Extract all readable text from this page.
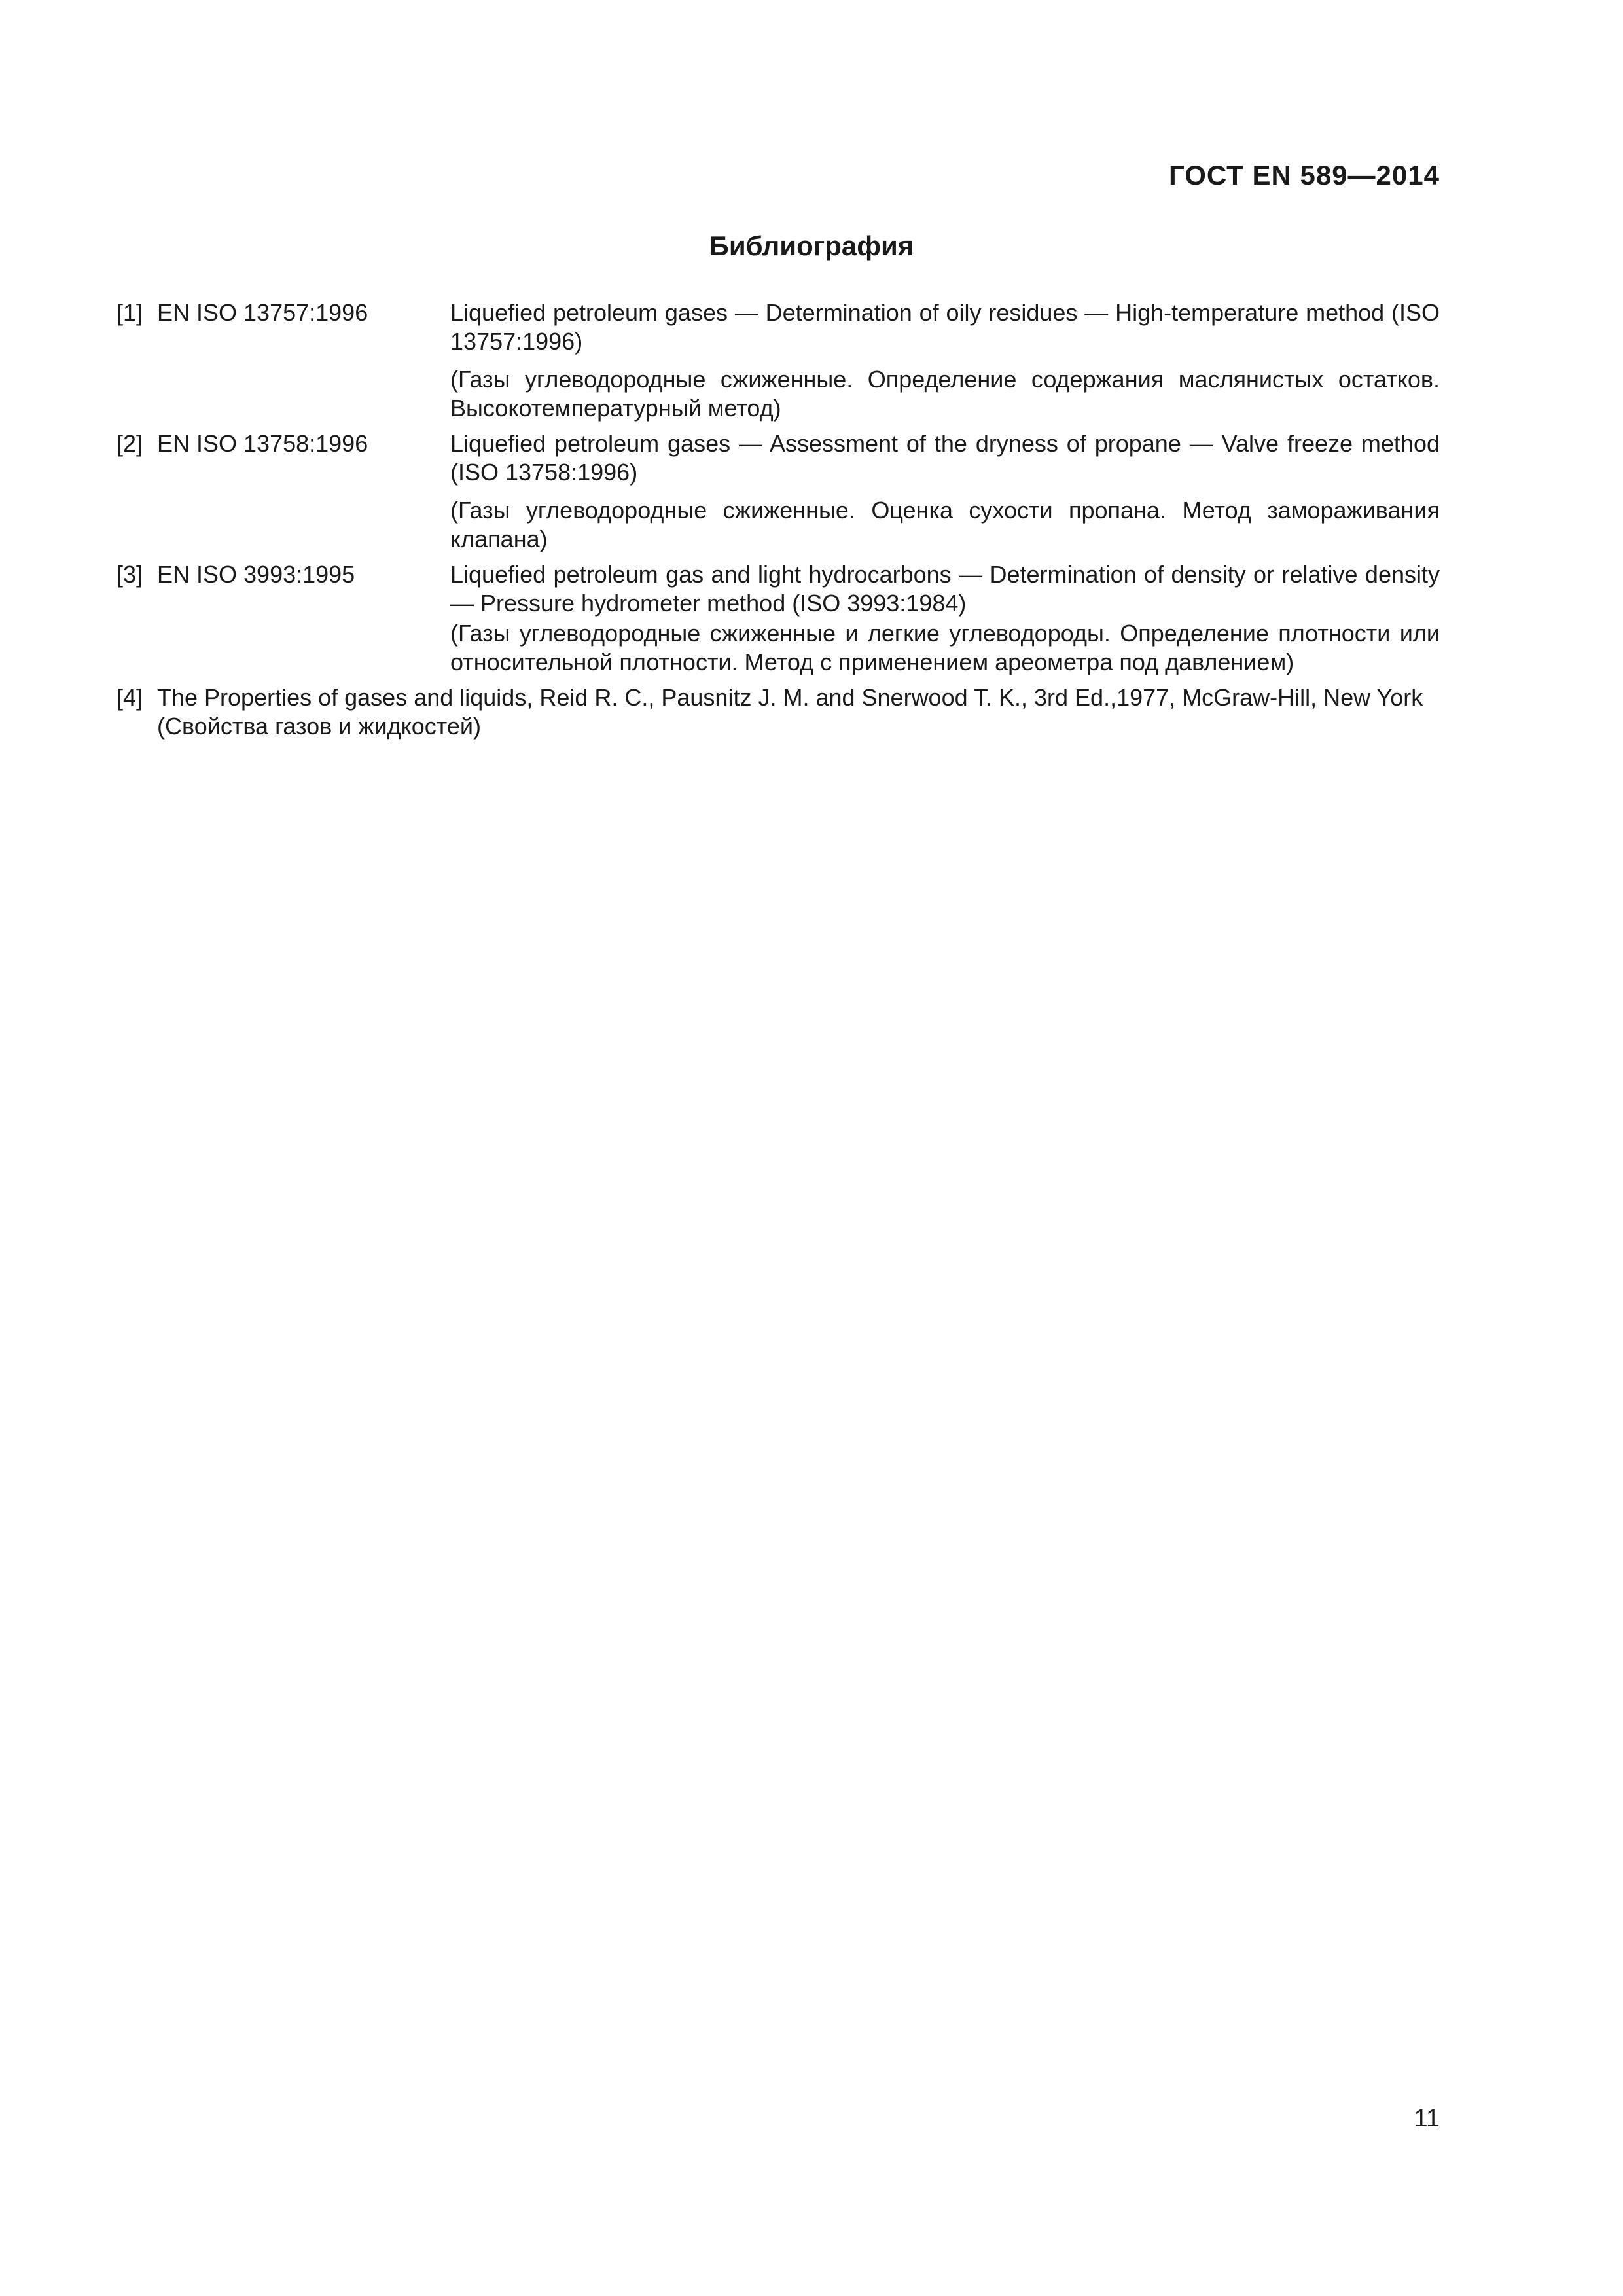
ГОСТ EN 589—2014
Библиография
[1] EN ISO 13757:1996	Liquefied petroleum gases — Determination of oily residues — High-temperature method (ISO 13757:1996)

(Газы углеводородные сжиженные. Определение содержания маслянистых остатков. Высокотемпературный метод)

[2] EN ISO 13758:1996	Liquefied petroleum gases — Assessment of the dryness of propane — Valve freeze method (ISO 13758:1996)

(Газы углеводородные сжиженные. Оценка сухости пропана. Метод замораживания клапана)

[3] EN ISO 3993:1995	Liquefied petroleum gas and light hydrocarbons — Determination of density or relative density — Pressure hydrometer method (ISO 3993:1984)

(Газы углеводородные сжиженные и легкие углеводороды. Определение плотности или относительной плотности. Метод с применением ареометра под давлением)

[4] The Properties of gases and liquids, Reid R. C., Pausnitz J. M. and Snerwood T. K., 3rd Ed.,1977, McGraw-Hill, New York

(Свойства газов и жидкостей)

11
